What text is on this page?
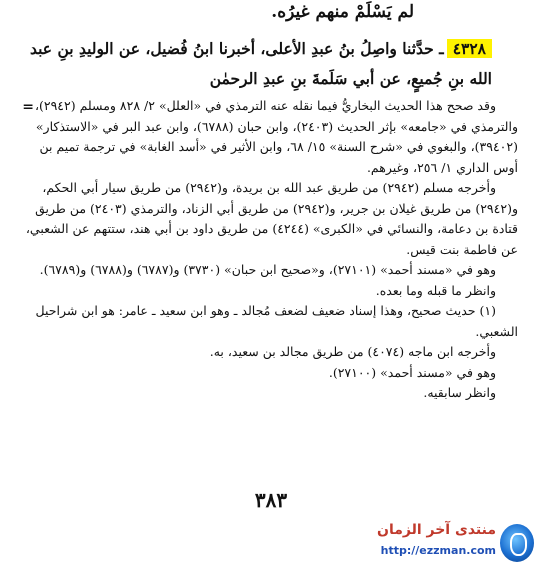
لم يَسْلَمْ منهم غيرُه.
٤٣٢٨ـ حدَّثنا واصِلُ بنُ عبدِ الأعلى، أخبرنا ابنُ فُضيل، عن الوليدِ بنِ عبد الله بنِ جُميعٍ، عن أبي سَلَمةَ بنِ عبدِ الرحمٰن
= وقد صحح هذا الحديث البخاريُّ فيما نقله عنه الترمذي في «العلل» ٢/ ٨٢٨ ومسلم (٢٩٤٢)، والترمذي في «جامعه» بإثر الحديث (٢٤٠٣)، وابن حبان (٦٧٨٨)، وابن عبد البر في «الاستذكار» (٣٩٤٠٢)، والبغوي في «شرح السنة» ١٥/ ٦٨، وابن الأثير في «أسد الغابة» في ترجمة تميم بن أوس الداري ١/ ٢٥٦، وغيرهم.

وأخرجه مسلم (٢٩٤٢) من طريق عبد الله بن بريدة، و(٢٩٤٢) من طريق سيار أبي الحكم، و(٢٩٤٢) من طريق غيلان بن جرير، و(٢٩٤٢) من طريق أبي الزناد، والترمذي (٢٤٠٣) من طريق قتادة بن دعامة، والنسائي في «الكبرى» (٤٢٤٤) من طريق داود بن أبي هند، ستتهم عن الشعبي، عن فاطمة بنت قيس.

وهو في «مسند أحمد» (٢٧١٠١)، و«صحيح ابن حبان» (٣٧٣٠) و(٦٧٨٧) و(٦٧٨٨) و(٦٧٨٩).

وانظر ما قبله وما بعده.

(١) حديث صحيح، وهذا إسناد ضعيف لضعف مُجالد ـ وهو ابن سعيد ـ عامر: هو ابن شراحيل الشعبي.

وأخرجه ابن ماجه (٤٠٧٤) من طريق مجالد بن سعيد، به.

وهو في «مسند أحمد» (٢٧١٠٠).

وانظر سابقيه.

٣٨٣
منتدى آخر الزمان
http://ezzman.com
